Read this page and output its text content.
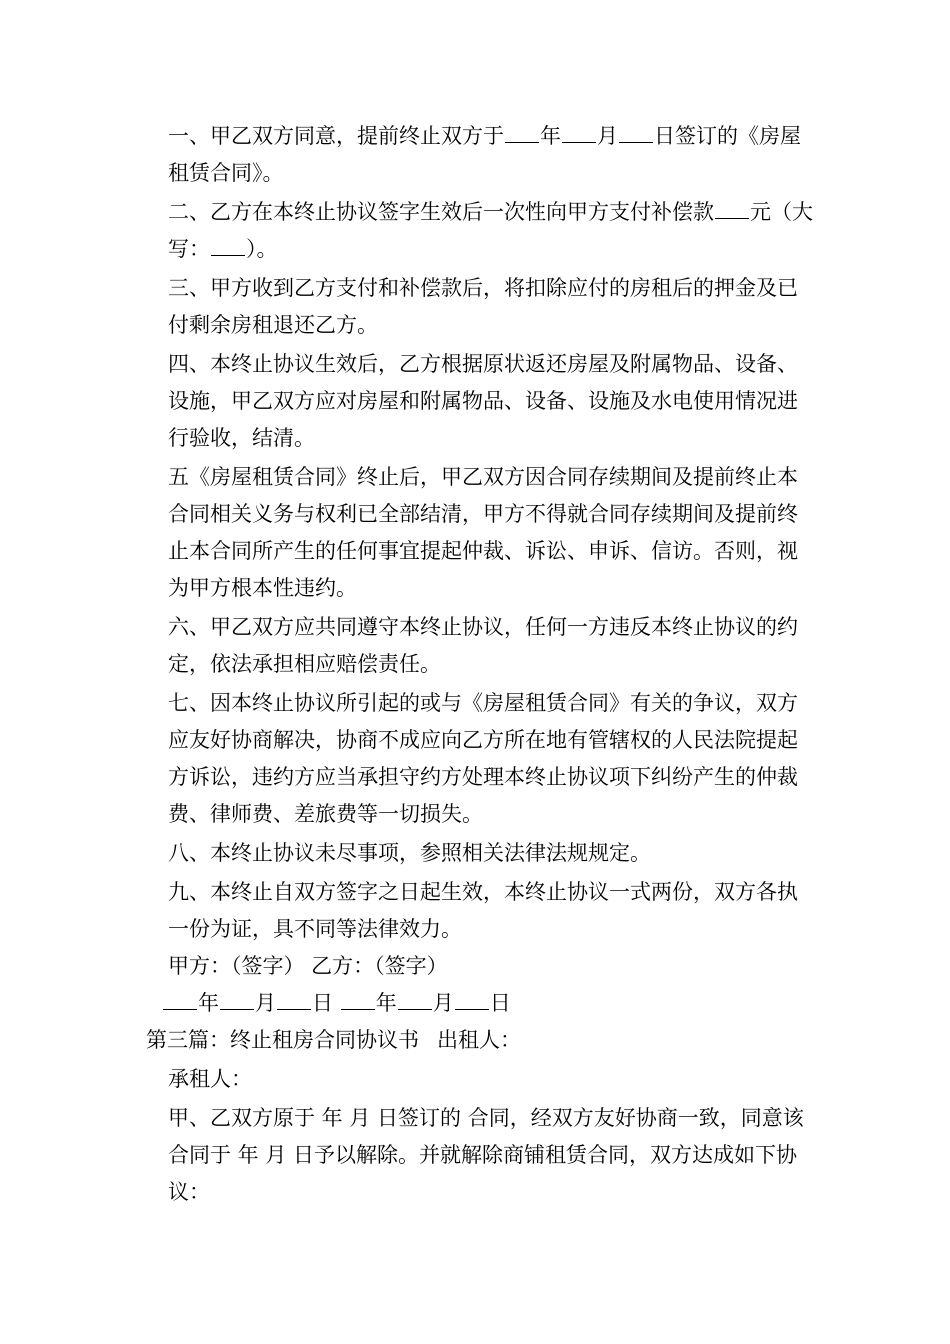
一、甲乙双方同意，提前终止双方于 年 月 日签订的《房屋租赁合同》。

二、乙方在本终止协议签字生效后一次性向甲方支付补偿款 元（大写： ）。

三、甲方收到乙方支付和补偿款后，将扣除应付的房租后的押金及已付剩余房租退还乙方。

四、本终止协议生效后，乙方根据原状返还房屋及附属物品、设备、设施，甲乙双方应对房屋和附属物品、设备、设施及水电使用情况进行验收，结清。

五《房屋租赁合同》终止后，甲乙双方因合同存续期间及提前终止本合同相关义务与权利已全部结清，甲方不得就合同存续期间及提前终止本合同所产生的任何事宜提起仲裁、诉讼、申诉、信访。否则，视为甲方根本性违约。

六、甲乙双方应共同遵守本终止协议，任何一方违反本终止协议的约定，依法承担相应赔偿责任。

七、因本终止协议所引起的或与《房屋租赁合同》有关的争议，双方应友好协商解决，协商不成应向乙方所在地有管辖权的人民法院提起方诉讼，违约方应当承担守约方处理本终止协议项下纠纷产生的仲裁费、律师费、差旅费等一切损失。

八、本终止协议未尽事项，参照相关法律法规规定。

九、本终止自双方签字之日起生效，本终止协议一式两份，双方各执一份为证，具不同等法律效力。

甲方：（签字） 乙方：（签字）

年 月 日 年 月 日

第三篇：终止租房合同协议书 出租人：

承租人：

甲、乙双方原于 年 月 日签订的 合同，经双方友好协商一致，同意该合同于 年 月 日予以解除。并就解除商铺租赁合同，双方达成如下协议：
